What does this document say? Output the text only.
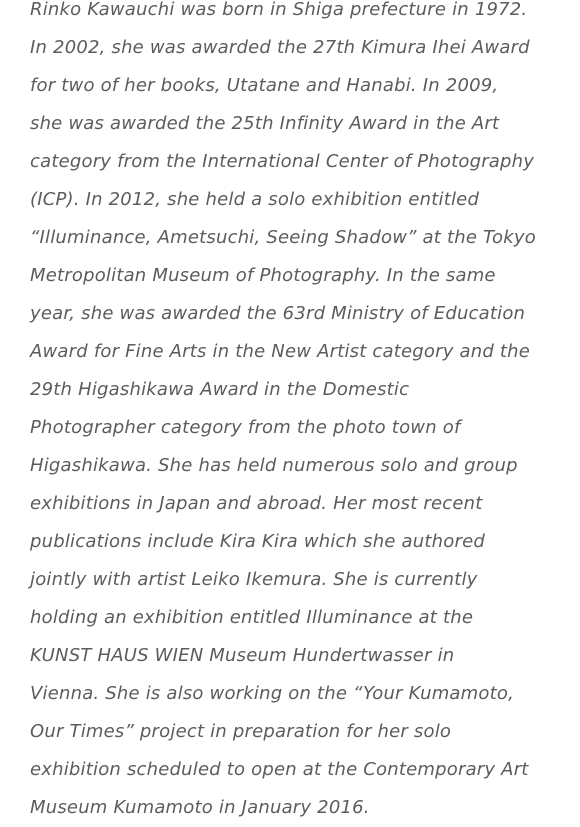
Rinko Kawauchi was born in Shiga prefecture in 1972.
In 2002, she was awarded the 27th Kimura Ihei Award
for two of her books, Utatane and Hanabi. In 2009,
she was awarded the 25th Infinity Award in the Art
category from the International Center of Photography
(ICP). In 2012, she held a solo exhibition entitled
“Illuminance, Ametsuchi, Seeing Shadow” at the Tokyo
Metropolitan Museum of Photography. In the same
year, she was awarded the 63rd Ministry of Education
Award for Fine Arts in the New Artist category and the
29th Higashikawa Award in the Domestic
Photographer category from the photo town of
Higashikawa. She has held numerous solo and group
exhibitions in Japan and abroad. Her most recent
publications include Kira Kira which she authored
jointly with artist Leiko Ikemura. She is currently
holding an exhibition entitled Illuminance at the
KUNST HAUS WIEN Museum Hundertwasser in
Vienna. She is also working on the “Your Kumamoto,
Our Times” project in preparation for her solo
exhibition scheduled to open at the Contemporary Art
Museum Kumamoto in January 2016.
